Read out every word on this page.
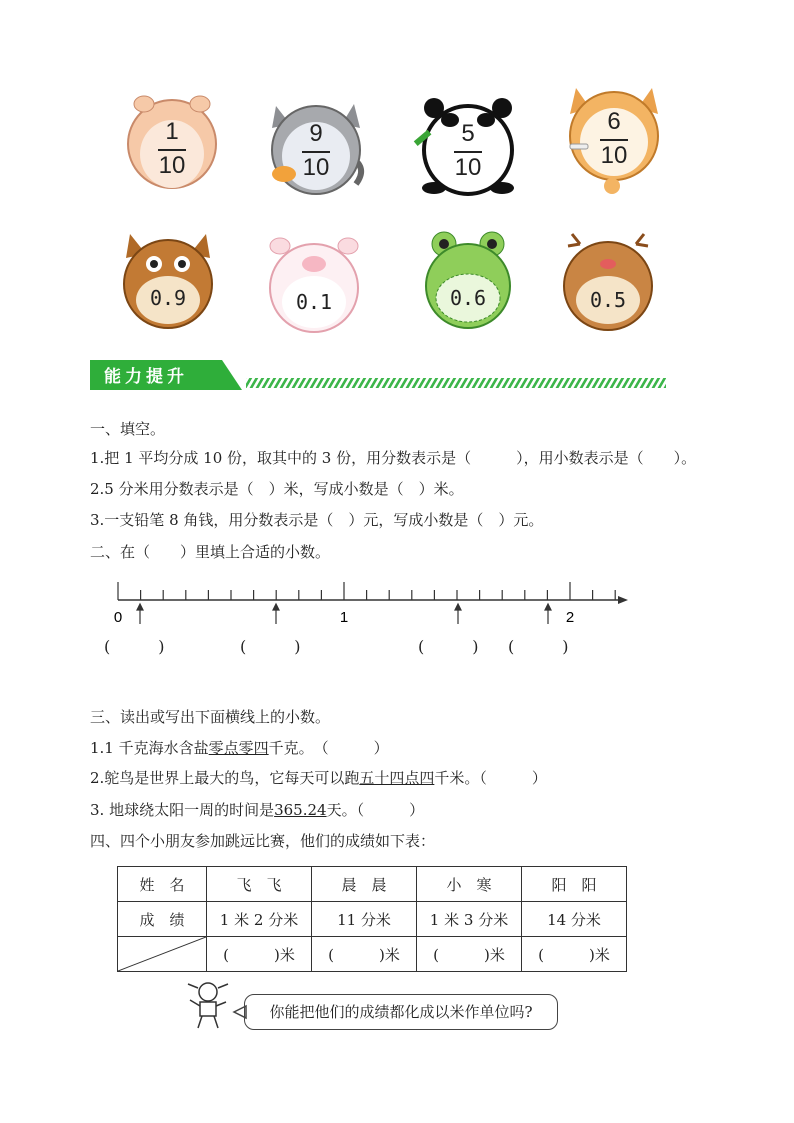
1
10
9
10
5
10
6
10
0.9	0.1	0.6	0.5
能力提升
一、填空。
1.把 1 平均分成 10 份，取其中的 3 份，用分数表示是（　　　），用小数表示是（　　）。
2.5 分米用分数表示是（　）米，写成小数是（　）米。
3.一支铅笔 8 角钱，用分数表示是（　）元，写成小数是（　）元。
二、在（　　）里填上合适的小数。
0	1	2
(　　　)	(　　　)	(　　　) (　　　)
三、读出或写出下面横线上的小数。
1.1 千克海水含盐零点零四千克。　（　　　）
2.鸵鸟是世界上最大的鸟，它每天可以跑五十四点四千米。（　　　）
3. 地球绕太阳一周的时间是365.24天。（　　　）
四、四个小朋友参加跳远比赛，他们的成绩如下表：
姓　名	飞　飞	晨　晨	小　寒	阳　阳
成　绩	1 米 2 分米	11 分米	1 米 3 分米	14 分米

	(　　　)米	(　　　)米	(　　　)米	(　　　)米
你能把他们的成绩都化成以米作单位吗?
